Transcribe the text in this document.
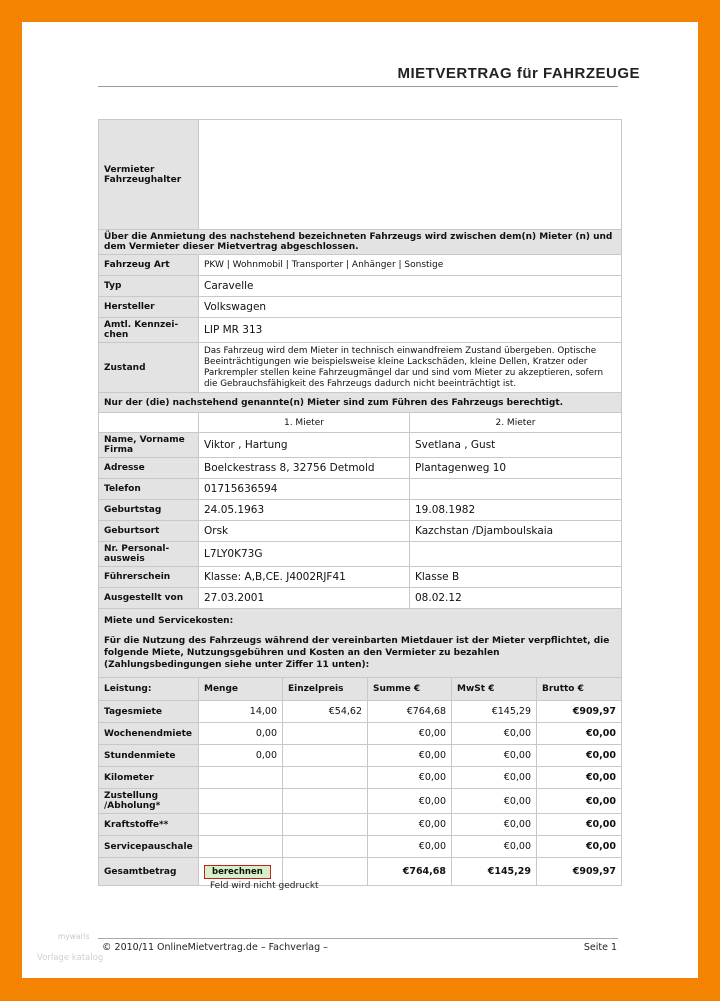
MIETVERTRAG für FAHRZEUGE
Vermieter
Fahrzeughalter		
Über die Anmietung des nachstehend bezeichneten Fahrzeugs wird zwischen dem(n) Mieter (n) und dem Vermieter dieser Mietvertrag abgeschlossen.		
Fahrzeug Art	PKW | Wohnmobil | Transporter | Anhänger | Sonstige	
Typ	Caravelle	
Hersteller	Volkswagen	
Amtl. Kennzei-
chen	LIP MR 313	
Zustand	Das Fahrzeug wird dem Mieter in technisch einwandfreiem Zustand übergeben. Optische Beeinträchtigungen wie beispielsweise kleine Lackschäden, kleine Dellen, Kratzer oder Parkrempler stellen keine Fahrzeugmängel dar und sind vom Mieter zu akzeptieren, sofern die Gebrauchsfähigkeit des Fahrzeugs dadurch nicht beeinträchtigt ist.	
Nur der (die) nachstehend genannte(n) Mieter sind zum Führen des Fahrzeugs berechtigt.		
	1. Mieter	2. Mieter
Name, Vorname Firma	Viktor , Hartung	Svetlana , Gust
Adresse	Boelckestrass 8, 32756 Detmold	Plantagenweg 10
Telefon	01715636594	
Geburtstag	24.05.1963	19.08.1982
Geburtsort	Orsk	Kazchstan /Djamboulskaia
Nr. Personal-ausweis	L7LY0K73G	
Führerschein	Klasse: A,B,CE. J4002RJF41	Klasse B
Ausgestellt von	27.03.2001	08.02.12

Miete und Servicekosten:
Für die Nutzung des Fahrzeugs während der vereinbarten Mietdauer ist der Mieter verpflichtet, die folgende Miete, Nutzungsgebühren und Kosten an den Vermieter zu bezahlen (Zahlungsbedingungen siehe unter Ziffer 11 unten):		
Leistung:	Menge	Einzelpreis	Summe €	MwSt €	Brutto €
Tagesmiete	14,00	€54,62	€764,68	€145,29	€909,97
Wochenendmiete	0,00		€0,00	€0,00	€0,00
Stundenmiete	0,00		€0,00	€0,00	€0,00
Kilometer			€0,00	€0,00	€0,00
Zustellung /Abholung*			€0,00	€0,00	€0,00
Kraftstoffe**			€0,00	€0,00	€0,00
Servicepauschale			€0,00	€0,00	€0,00
Gesamtbetrag	berechnen		€764,68	€145,29	€909,97
Feld wird nicht gedruckt
mywaris
Vorlage katalog
© 2010/11 OnlineMietvertrag.de – Fachverlag –	Seite 1
